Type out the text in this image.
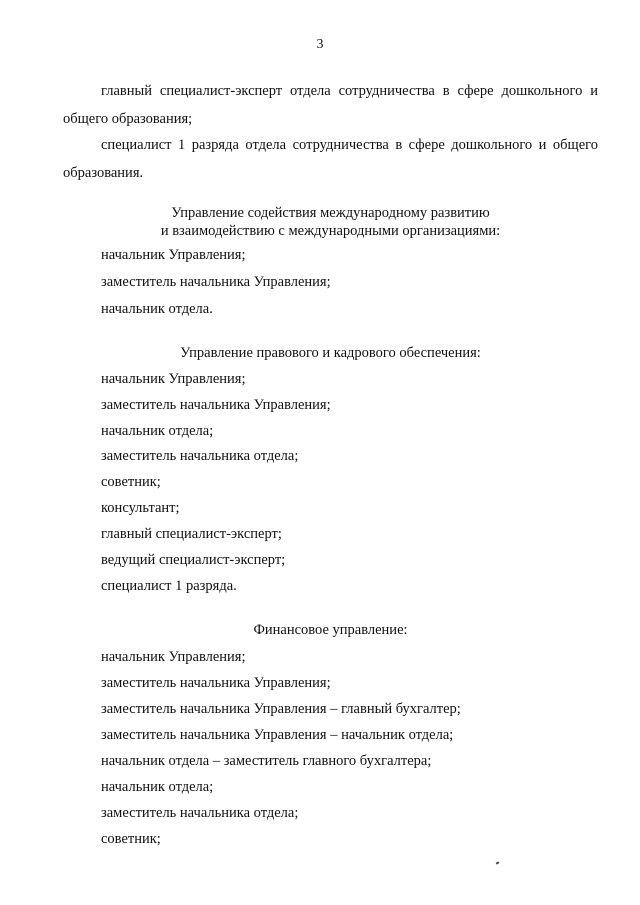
3

главный специалист-эксперт отдела сотрудничества в сфере дошкольного и общего образования;

специалист 1 разряда отдела сотрудничества в сфере дошкольного и общего образования.

Управление содействия международному развитию
и взаимодействию с международными организациями:
начальник Управления;
заместитель начальника Управления;
начальник отдела.
Управление правового и кадрового обеспечения:
начальник Управления;
заместитель начальника Управления;
начальник отдела;
заместитель начальника отдела;
советник;
консультант;
главный специалист-эксперт;
ведущий специалист-эксперт;
специалист 1 разряда.
Финансовое управление:
начальник Управления;
заместитель начальника Управления;
заместитель начальника Управления – главный бухгалтер;
заместитель начальника Управления – начальник отдела;
начальник отдела – заместитель главного бухгалтера;
начальник отдела;
заместитель начальника отдела;
советник;
